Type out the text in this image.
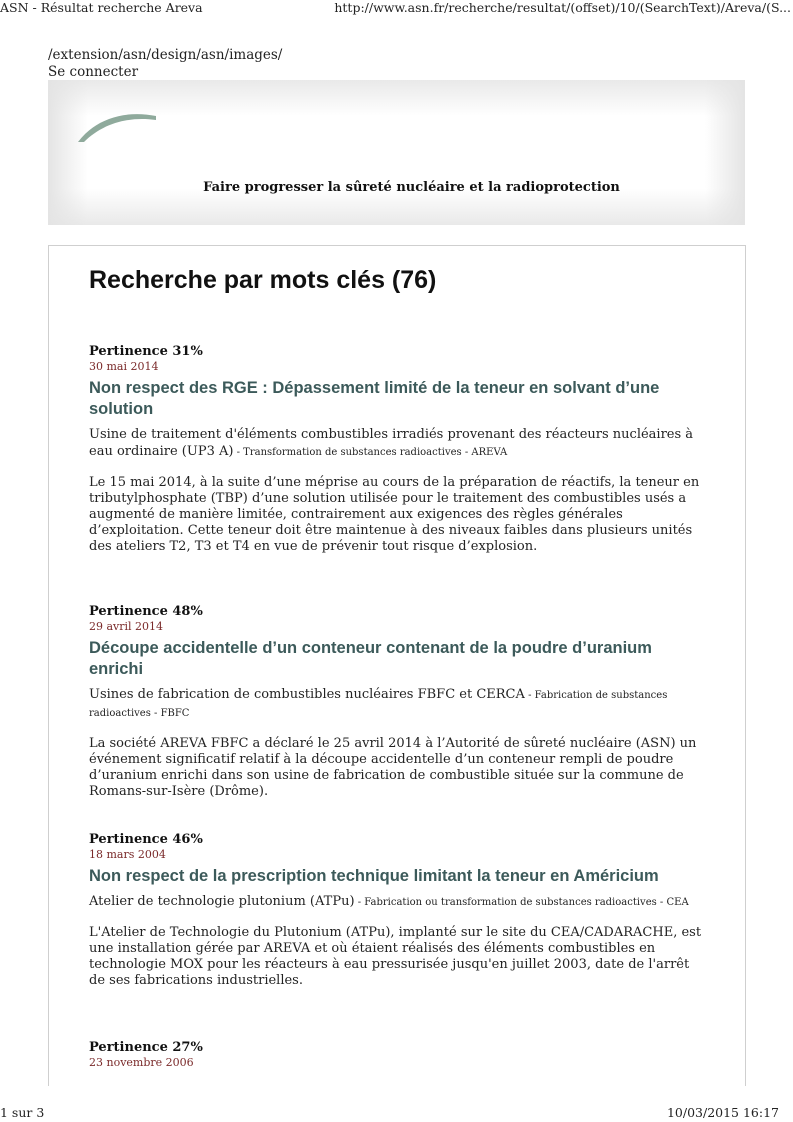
ASN - Résultat recherche Areva	http://www.asn.fr/recherche/resultat/(offset)/10/(SearchText)/Areva/(S...
/extension/asn/design/asn/images/
Se connecter
Faire progresser la sûreté nucléaire et la radioprotection
Recherche par mots clés (76)
Pertinence 31%
30 mai 2014
Non respect des RGE : Dépassement limité de la teneur en solvant d’une solution
Usine de traitement d'éléments combustibles irradiés provenant des réacteurs nucléaires à eau ordinaire (UP3 A) - Transformation de substances radioactives - AREVA
Le 15 mai 2014, à la suite d’une méprise au cours de la préparation de réactifs, la teneur en tributylphosphate (TBP) d’une solution utilisée pour le traitement des combustibles usés a augmenté de manière limitée, contrairement aux exigences des règles générales d’exploitation. Cette teneur doit être maintenue à des niveaux faibles dans plusieurs unités des ateliers T2, T3 et T4 en vue de prévenir tout risque d’explosion.
Pertinence 48%
29 avril 2014
Découpe accidentelle d’un conteneur contenant de la poudre d’uranium enrichi
Usines de fabrication de combustibles nucléaires FBFC et CERCA - Fabrication de substances radioactives - FBFC
La société AREVA FBFC a déclaré le 25 avril 2014 à l’Autorité de sûreté nucléaire (ASN) un événement significatif relatif à la découpe accidentelle d’un conteneur rempli de poudre d’uranium enrichi dans son usine de fabrication de combustible située sur la commune de Romans-sur-Isère (Drôme).
Pertinence 46%
18 mars 2004
Non respect de la prescription technique limitant la teneur en Américium
Atelier de technologie plutonium (ATPu) - Fabrication ou transformation de substances radioactives - CEA
L'Atelier de Technologie du Plutonium (ATPu), implanté sur le site du CEA/CADARACHE, est une installation gérée par AREVA et où étaient réalisés des éléments combustibles en technologie MOX pour les réacteurs à eau pressurisée jusqu'en juillet 2003, date de l'arrêt de ses fabrications industrielles.
Pertinence 27%
23 novembre 2006
1 sur 3	10/03/2015 16:17
